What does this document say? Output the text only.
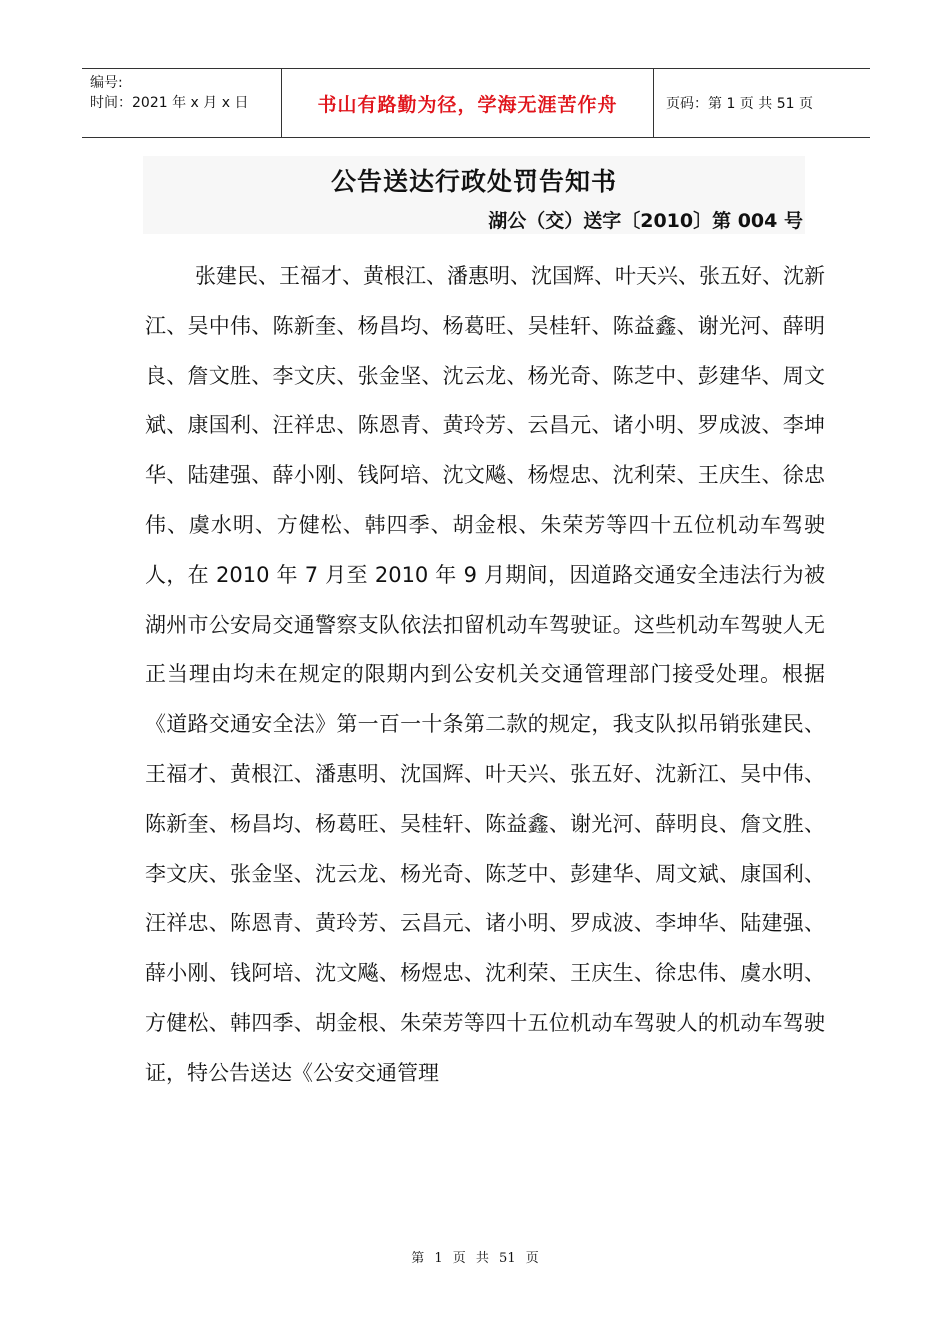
编号:
时间：2021 年 x 月 x 日	书山有路勤为径，学海无涯苦作舟	页码：第 1 页 共 51 页
公告送达行政处罚告知书
湖公（交）送字〔2010〕第 004 号

张建民、王福才、黄根江、潘惠明、沈国辉、叶天兴、张五好、沈新江、吴中伟、陈新奎、杨昌均、杨葛旺、吴桂轩、陈益鑫、谢光河、薛明良、詹文胜、李文庆、张金坚、沈云龙、杨光奇、陈芝中、彭建华、周文斌、康国利、汪祥忠、陈恩青、黄玲芳、云昌元、诸小明、罗成波、李坤华、陆建强、薛小刚、钱阿培、沈文飚、杨煜忠、沈利荣、王庆生、徐忠伟、虞水明、方健松、韩四季、胡金根、朱荣芳等四十五位机动车驾驶人，在 2010 年 7 月至 2010 年 9 月期间，因道路交通安全违法行为被湖州市公安局交通警察支队依法扣留机动车驾驶证。这些机动车驾驶人无正当理由均未在规定的限期内到公安机关交通管理部门接受处理。根据《道路交通安全法》第一百一十条第二款的规定，我支队拟吊销张建民、王福才、黄根江、潘惠明、沈国辉、叶天兴、张五好、沈新江、吴中伟、陈新奎、杨昌均、杨葛旺、吴桂轩、陈益鑫、谢光河、薛明良、詹文胜、李文庆、张金坚、沈云龙、杨光奇、陈芝中、彭建华、周文斌、康国利、汪祥忠、陈恩青、黄玲芳、云昌元、诸小明、罗成波、李坤华、陆建强、薛小刚、钱阿培、沈文飚、杨煜忠、沈利荣、王庆生、徐忠伟、虞水明、方健松、韩四季、胡金根、朱荣芳等四十五位机动车驾驶人的机动车驾驶证，特公告送达《公安交通管理

第 1 页 共 51 页
